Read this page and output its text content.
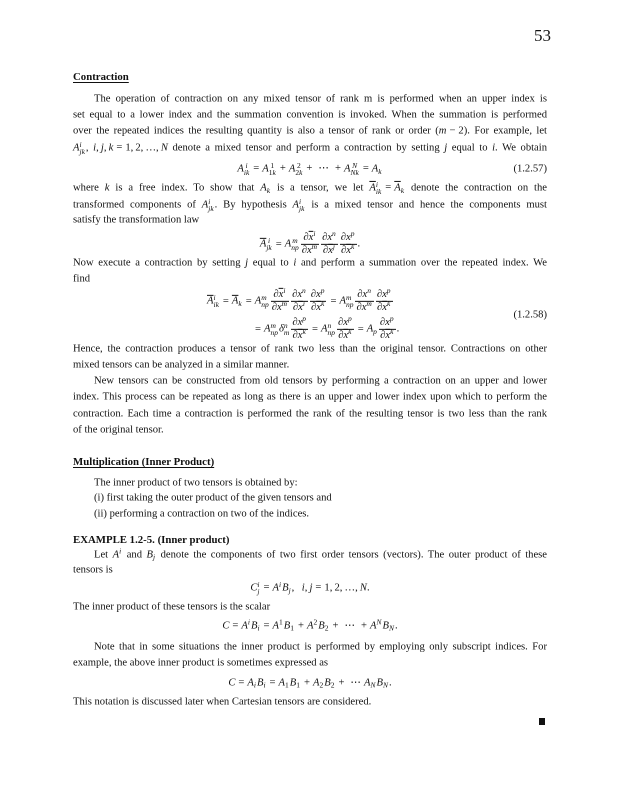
53
Contraction
The operation of contraction on any mixed tensor of rank m is performed when an upper index is
set equal to a lower index and the summation convention is invoked. When the summation is performed
over the repeated indices the resulting quantity is also a tensor of rank or order (m − 2). For example, let
A i
jk , i, j, k = 1, 2, …, N denote a mixed tensor and perform a contraction by setting j equal to i. We obtain
A i
ik = A 1
1k + A 2
2k + ⋯ + A N
$Nk = A_k$	(1.2.57)
where k is a free index. To show that $A_k$ is a tensor, we let $\overline{A}$ i
ik = $\overline{A}_k$ denote the contraction on the
transformed components of A i
jk . By hypothesis A i
jk is a mixed tensor and hence the components must
satisfy the transformation law
$\overline{A}$ i
jk = A m
np $\frac{\partial\overline{x}^i}{\partial x^m} \frac{\partial x^n}{\partial\overline{x}^j} \frac{\partial x^p}{\partial\overline{x}^k}$ .
Now execute a contraction by setting j equal to i and perform a summation over the repeated index. We
find
$\overline{A}$ i
ik = $\overline{A}_k = A$ m
np $\frac{\partial\overline{x}^i}{\partial x^m} \frac{\partial x^n}{\partial\overline{x}^i} \frac{\partial x^p}{\partial\overline{x}^k} = A$ m
np $\frac{\partial x^n}{\partial x^m} \frac{\partial x^p}{\partial\overline{x}^k}$
= A m
np δ n
m $\frac{\partial x^p}{\partial\overline{x}^k} = A$ n
np $\frac{\partial x^p}{\partial\overline{x}^k} = A_p \frac{\partial x^p}{\partial\overline{x}^k}$ .
(1.2.58)
Hence, the contraction produces a tensor of rank two less than the original tensor. Contractions on other
mixed tensors can be analyzed in a similar manner.
New tensors can be constructed from old tensors by performing a contraction on an upper and lower
index. This process can be repeated as long as there is an upper and lower index upon which to perform the
contraction. Each time a contraction is performed the rank of the resulting tensor is two less than the rank
of the original tensor.
Multiplication (Inner Product)
The inner product of two tensors is obtained by:
(i) first taking the outer product of the given tensors and
(ii) performing a contraction on two of the indices.
EXAMPLE 1.2-5. (Inner product)
Let $A^i$ and $B_j$ denote the components of two first order tensors (vectors). The outer product of these
tensors is
C i
$j = A^iB_j$,   i, j = 1, 2, …, N.
The inner product of these tensors is the scalar
$C = A^iB_i = A^1B_1 + A^2B_2$ + ⋯ + $A^NB_N$.
Note that in some situations the inner product is performed by employing only subscript indices. For
example, the above inner product is sometimes expressed as
$C = A_iB_i = A_1B_1 + A_2B_2$ + ⋯ $A_NB_N$.
This notation is discussed later when Cartesian tensors are considered.
